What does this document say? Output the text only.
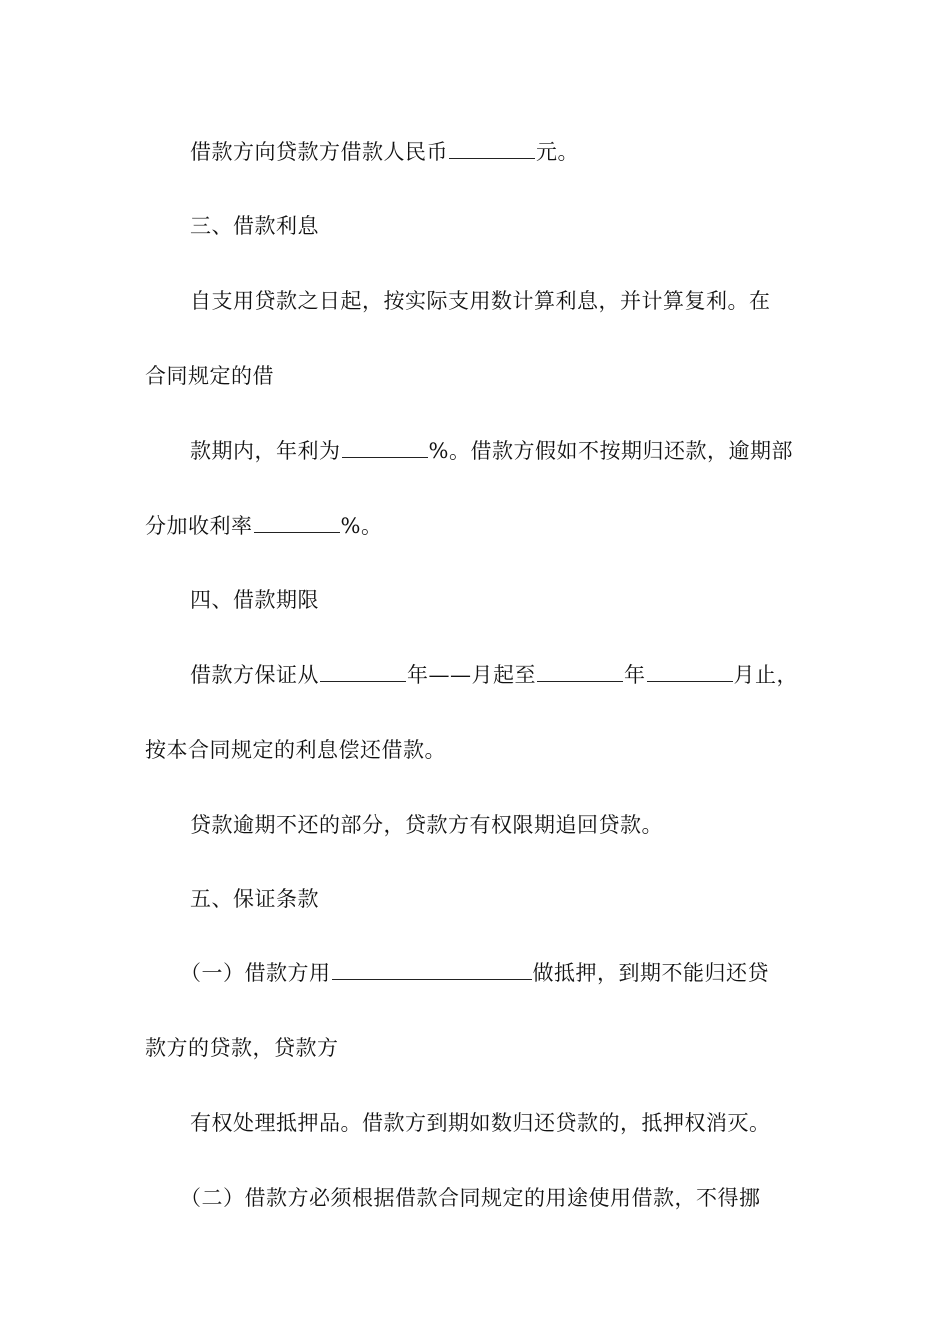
借款方向贷款方借款人民币	元。
三、借款利息
自支用贷款之日起，按实际支用数计算利息，并计算复利。在
合同规定的借
款期内，年利为	%。借款方假如不按期归还款，逾期部
分加收利率	%。
四、借款期限
借款方保证从	年——月起至	年	月止，
按本合同规定的利息偿还借款。
贷款逾期不还的部分，贷款方有权限期追回贷款。
五、保证条款
（一）借款方用	做抵押，到期不能归还贷
款方的贷款，贷款方
有权处理抵押品。借款方到期如数归还贷款的，抵押权消灭。
（二）借款方必须根据借款合同规定的用途使用借款，不得挪
